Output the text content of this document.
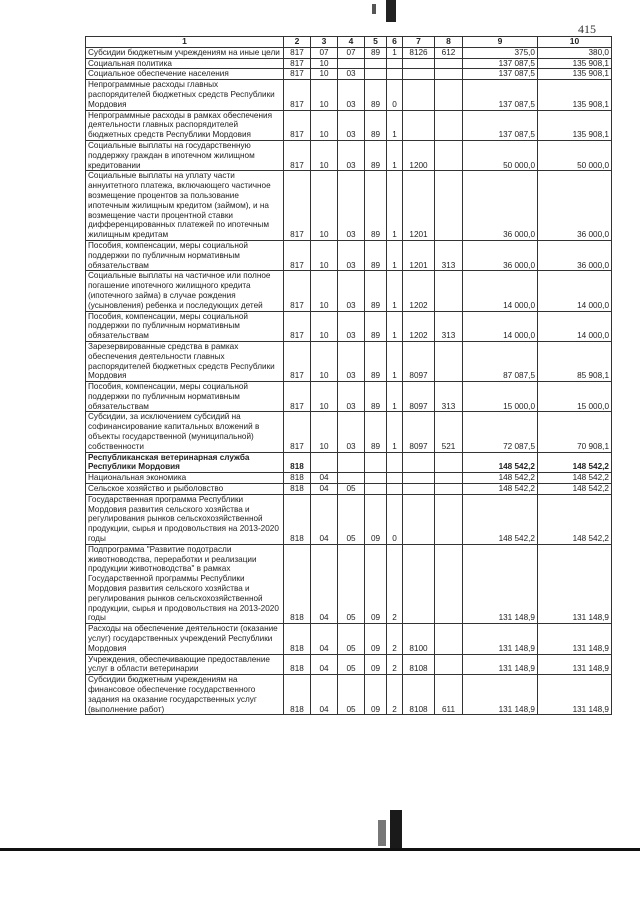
415
1	2	3	4	5	6	7	8	9	10
Субсидии бюджетным учреждениям на иные цели	817	07	07	89	1	8126	612	375,0	380,0
Социальная политика	817	10						137 087,5	135 908,1
Социальное обеспечение населения	817	10	03					137 087,5	135 908,1
Непрограммные расходы главных распорядителей бюджетных средств Республики Мордовия	817	10	03	89	0			137 087,5	135 908,1
Непрограммные расходы в рамках обеспечения деятельности главных распорядителей бюджетных средств Республики Мордовия	817	10	03	89	1			137 087,5	135 908,1
Социальные выплаты на государственную поддержку граждан в ипотечном жилищном кредитовании	817	10	03	89	1	1200		50 000,0	50 000,0
Социальные выплаты на уплату части аннуитетного платежа, включающего частичное возмещение процентов за пользование ипотечным жилищным кредитом (займом), и на возмещение части процентной ставки дифференцированных платежей по ипотечным жилищным кредитам	817	10	03	89	1	1201		36 000,0	36 000,0
Пособия, компенсации, меры социальной поддержки по публичным нормативным обязательствам	817	10	03	89	1	1201	313	36 000,0	36 000,0
Социальные выплаты на частичное или полное погашение ипотечного жилищного кредита (ипотечного займа) в случае рождения (усыновления) ребенка и последующих детей	817	10	03	89	1	1202		14 000,0	14 000,0
Пособия, компенсации, меры социальной поддержки по публичным нормативным обязательствам	817	10	03	89	1	1202	313	14 000,0	14 000,0
Зарезервированные средства в рамках обеспечения деятельности главных распорядителей бюджетных средств Республики Мордовия	817	10	03	89	1	8097		87 087,5	85 908,1
Пособия, компенсации, меры социальной поддержки по публичным нормативным обязательствам	817	10	03	89	1	8097	313	15 000,0	15 000,0
Субсидии, за исключением субсидий на софинансирование капитальных вложений в объекты государственной (муниципальной) собственности	817	10	03	89	1	8097	521	72 087,5	70 908,1
Республиканская ветеринарная служба Республики Мордовия	818							148 542,2	148 542,2
Национальная экономика	818	04						148 542,2	148 542,2
Сельское хозяйство и рыболовство	818	04	05					148 542,2	148 542,2
Государственная программа Республики Мордовия развития сельского хозяйства и регулирования рынков сельскохозяйственной продукции, сырья и продовольствия на 2013-2020 годы	818	04	05	09	0			148 542,2	148 542,2
Подпрограмма "Развитие подотрасли животноводства, переработки и реализации продукции животноводства" в рамках Государственной программы Республики Мордовия развития сельского хозяйства и регулирования рынков сельскохозяйственной продукции, сырья и продовольствия на 2013-2020 годы	818	04	05	09	2			131 148,9	131 148,9
Расходы на обеспечение деятельности (оказание услуг) государственных учреждений Республики Мордовия	818	04	05	09	2	8100		131 148,9	131 148,9
Учреждения, обеспечивающие предоставление услуг в области ветеринарии	818	04	05	09	2	8108		131 148,9	131 148,9
Субсидии бюджетным учреждениям на финансовое обеспечение государственного задания на оказание государственных услуг (выполнение работ)	818	04	05	09	2	8108	611	131 148,9	131 148,9
